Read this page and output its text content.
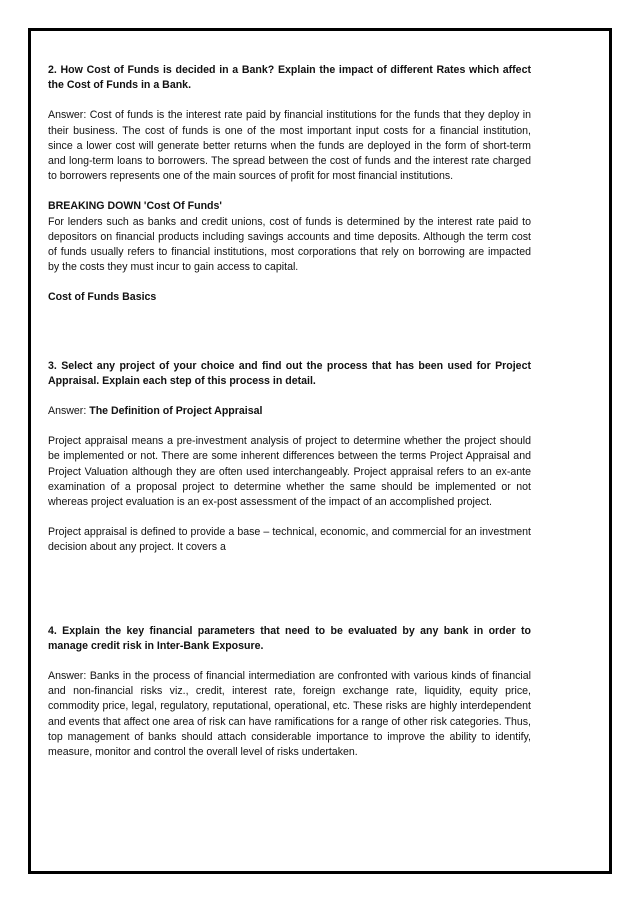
2. How Cost of Funds is decided in a Bank? Explain the impact of different Rates which affect the Cost of Funds in a Bank.

Answer: Cost of funds is the interest rate paid by financial institutions for the funds that they deploy in their business. The cost of funds is one of the most important input costs for a financial institution, since a lower cost will generate better returns when the funds are deployed in the form of short-term and long-term loans to borrowers. The spread between the cost of funds and the interest rate charged to borrowers represents one of the main sources of profit for most financial institutions.

BREAKING DOWN 'Cost Of Funds'

For lenders such as banks and credit unions, cost of funds is determined by the interest rate paid to depositors on financial products including savings accounts and time deposits. Although the term cost of funds usually refers to financial institutions, most corporations that rely on borrowing are impacted by the costs they must incur to gain access to capital.

Cost of Funds Basics

3. Select any project of your choice and find out the process that has been used for Project Appraisal. Explain each step of this process in detail.

Answer: The Definition of Project Appraisal

Project appraisal means a pre-investment analysis of project to determine whether the project should be implemented or not. There are some inherent differences between the terms Project Appraisal and Project Valuation although they are often used interchangeably. Project appraisal refers to an ex-ante examination of a proposal project to determine whether the same should be implemented or not whereas project evaluation is an ex-post assessment of the impact of an accomplished project.

Project appraisal is defined to provide a base – technical, economic, and commercial for an investment decision about any project. It covers a

4. Explain the key financial parameters that need to be evaluated by any bank in order to manage credit risk in Inter-Bank Exposure.

Answer: Banks in the process of financial intermediation are confronted with various kinds of financial and non-financial risks viz., credit, interest rate, foreign exchange rate, liquidity, equity price, commodity price, legal, regulatory, reputational, operational, etc. These risks are highly interdependent and events that affect one area of risk can have ramifications for a range of other risk categories. Thus, top management of banks should attach considerable importance to improve the ability to identify, measure, monitor and control the overall level of risks undertaken.
